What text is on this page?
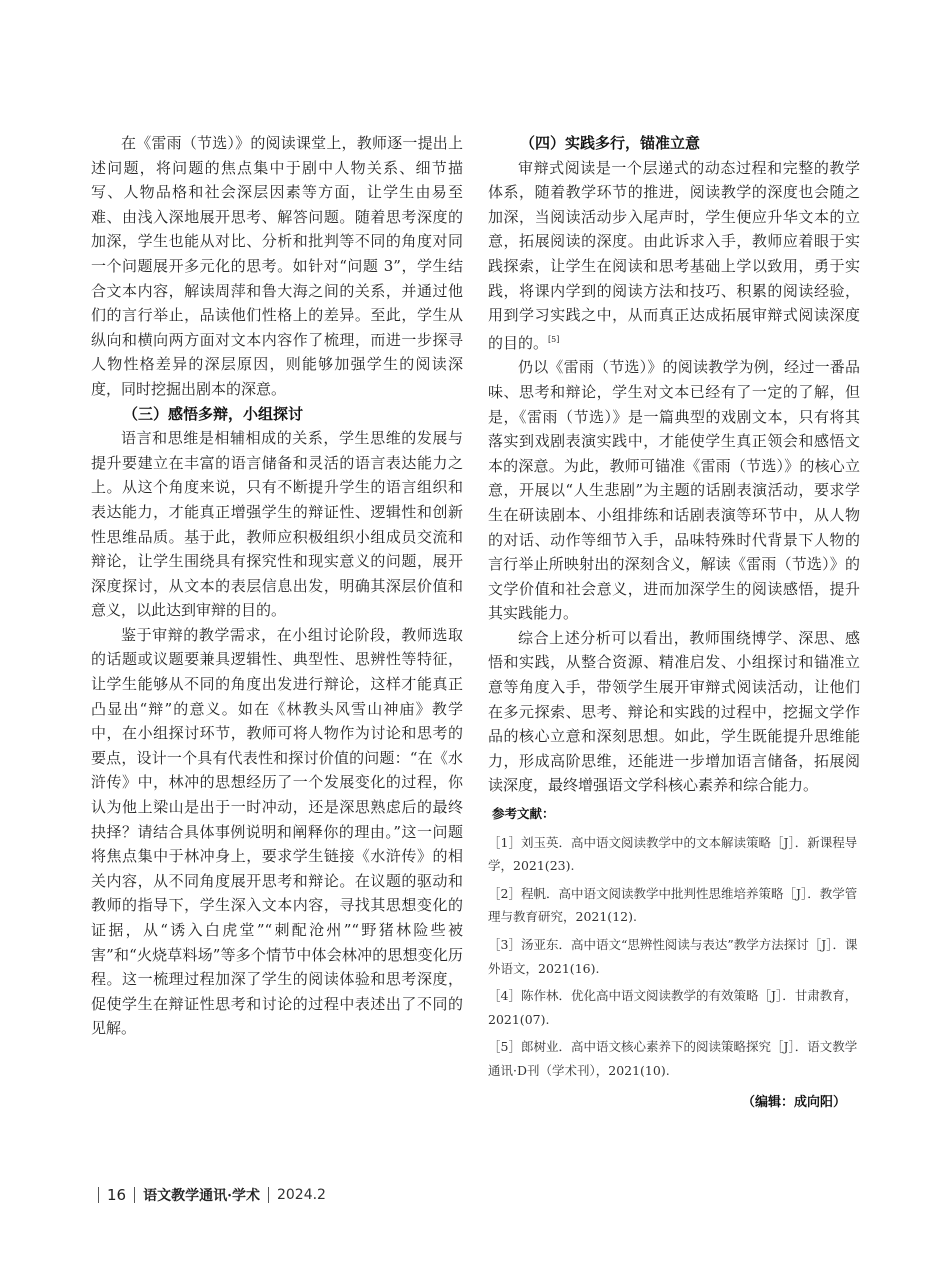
在《雷雨（节选）》的阅读课堂上，教师逐一提出上述问题，将问题的焦点集中于剧中人物关系、细节描写、人物品格和社会深层因素等方面，让学生由易至难、由浅入深地展开思考、解答问题。随着思考深度的加深，学生也能从对比、分析和批判等不同的角度对同一个问题展开多元化的思考。如针对“问题 3”，学生结合文本内容，解读周萍和鲁大海之间的关系，并通过他们的言行举止，品读他们性格上的差异。至此，学生从纵向和横向两方面对文本内容作了梳理，而进一步探寻人物性格差异的深层原因，则能够加强学生的阅读深度，同时挖掘出剧本的深意。

（三）感悟多辩，小组探讨

语言和思维是相辅相成的关系，学生思维的发展与提升要建立在丰富的语言储备和灵活的语言表达能力之上。从这个角度来说，只有不断提升学生的语言组织和表达能力，才能真正增强学生的辩证性、逻辑性和创新性思维品质。基于此，教师应积极组织小组成员交流和辩论，让学生围绕具有探究性和现实意义的问题，展开深度探讨，从文本的表层信息出发，明确其深层价值和意义，以此达到审辩的目的。

鉴于审辩的教学需求，在小组讨论阶段，教师选取的话题或议题要兼具逻辑性、典型性、思辨性等特征，让学生能够从不同的角度出发进行辩论，这样才能真正凸显出“辩”的意义。如在《林教头风雪山神庙》教学中，在小组探讨环节，教师可将人物作为讨论和思考的要点，设计一个具有代表性和探讨价值的问题：“在《水浒传》中，林冲的思想经历了一个发展变化的过程，你认为他上梁山是出于一时冲动，还是深思熟虑后的最终抉择？请结合具体事例说明和阐释你的理由。”这一问题将焦点集中于林冲身上，要求学生链接《水浒传》的相关内容，从不同角度展开思考和辩论。在议题的驱动和教师的指导下，学生深入文本内容，寻找其思想变化的证据，从“诱入白虎堂”“刺配沧州”“野猪林险些被害”和“火烧草料场”等多个情节中体会林冲的思想变化历程。这一梳理过程加深了学生的阅读体验和思考深度，促使学生在辩证性思考和讨论的过程中表述出了不同的见解。

（四）实践多行，锚准立意

审辩式阅读是一个层递式的动态过程和完整的教学体系，随着教学环节的推进，阅读教学的深度也会随之加深，当阅读活动步入尾声时，学生便应升华文本的立意，拓展阅读的深度。由此诉求入手，教师应着眼于实践探索，让学生在阅读和思考基础上学以致用，勇于实践，将课内学到的阅读方法和技巧、积累的阅读经验，用到学习实践之中，从而真正达成拓展审辩式阅读深度的目的。[5]

仍以《雷雨（节选）》的阅读教学为例，经过一番品味、思考和辩论，学生对文本已经有了一定的了解，但是，《雷雨（节选）》是一篇典型的戏剧文本，只有将其落实到戏剧表演实践中，才能使学生真正领会和感悟文本的深意。为此，教师可锚准《雷雨（节选）》的核心立意，开展以“人生悲剧”为主题的话剧表演活动，要求学生在研读剧本、小组排练和话剧表演等环节中，从人物的对话、动作等细节入手，品味特殊时代背景下人物的言行举止所映射出的深刻含义，解读《雷雨（节选）》的文学价值和社会意义，进而加深学生的阅读感悟，提升其实践能力。

综合上述分析可以看出，教师围绕博学、深思、感悟和实践，从整合资源、精准启发、小组探讨和锚准立意等角度入手，带领学生展开审辩式阅读活动，让他们在多元探索、思考、辩论和实践的过程中，挖掘文学作品的核心立意和深刻思想。如此，学生既能提升思维能力，形成高阶思维，还能进一步增加语言储备，拓展阅读深度，最终增强语文学科核心素养和综合能力。

参考文献：
［1］刘玉英．高中语文阅读教学中的文本解读策略［J］．新课程导学，2021(23).
［2］程帆．高中语文阅读教学中批判性思维培养策略［J］．教学管理与教育研究，2021(12).
［3］汤亚东．高中语文“思辨性阅读与表达”教学方法探讨［J］．课外语文，2021(16).
［4］陈作林．优化高中语文阅读教学的有效策略［J］．甘肃教育，2021(07).
［5］郎树业．高中语文核心素养下的阅读策略探究［J］．语文教学通讯·D刊（学术刊），2021(10).
（编辑：成向阳）
16 语文教学通讯·学术 2024.2
